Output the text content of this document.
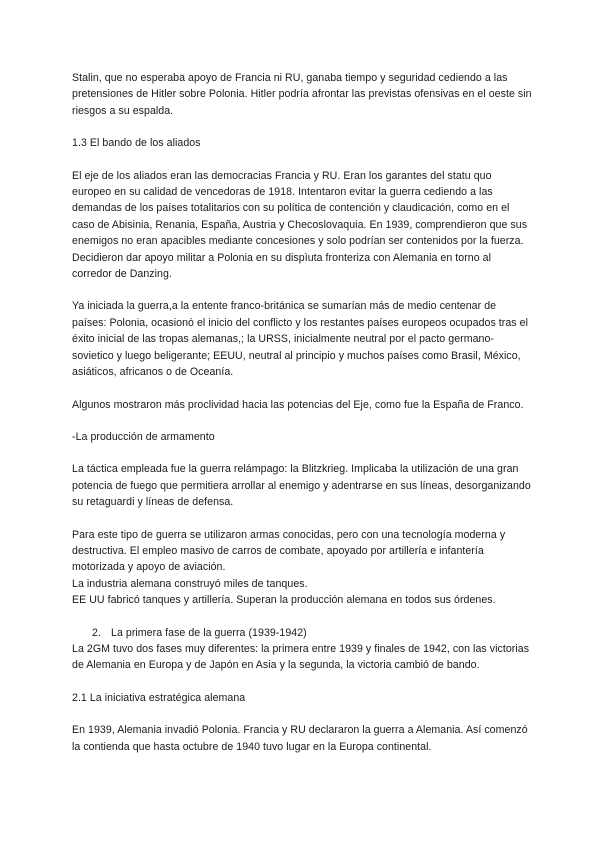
Stalin, que no esperaba apoyo de Francia ni RU, ganaba tiempo y seguridad cediendo a las pretensiones de Hitler sobre Polonia. Hitler podría afrontar las previstas ofensivas en el oeste sin riesgos a su espalda.

1.3 El bando de los aliados

El eje de los aliados eran las democracias Francia y RU. Eran los garantes del statu quo europeo en su calidad de vencedoras de 1918. Intentaron evitar la guerra cediendo a las demandas de los países totalitarios con su política de contención y claudicación, como en el caso de Abisinia, Renania, España, Austria y Checoslovaquia. En 1939, comprendieron que sus enemigos no eran apacibles mediante concesiones y solo podrían ser contenidos por la fuerza.

Decidieron dar apoyo militar a Polonia en su dispìuta fronteriza con Alemania en torno al corredor de Danzing.

Ya iniciada la guerra,a la entente franco-británica se sumarían más de medio centenar de países: Polonia, ocasionó el inicio del conflicto y los restantes países europeos ocupados tras el éxito inicial de las tropas alemanas,; la URSS, inicialmente neutral por el pacto germano-sovietico y luego beligerante; EEUU, neutral al principio y muchos países como Brasil, México, asiáticos, africanos o de Oceanía.

Algunos mostraron más proclividad hacia las potencias del Eje, como fue la España de Franco.

-La producción de armamento

La táctica empleada fue la guerra relámpago: la Blitzkrieg. Implicaba la utilización de una gran potencia de fuego que permitiera arrollar al enemigo y adentrarse en sus líneas, desorganizando su retaguardi y líneas de defensa.

Para este tipo de guerra se utilizaron armas conocidas, pero con una tecnología moderna y destructiva. El empleo masivo de carros de combate, apoyado por artillería e infantería motorizada y apoyo de aviación.

La industria alemana construyó miles de tanques.

EE UU fabricó tanques y artillería. Superan la producción alemana en todos sus órdenes.

2. La primera fase de la guerra (1939-1942)

La 2GM tuvo dos fases muy diferentes: la primera entre 1939 y finales de 1942, con las victorias de Alemania en Europa y de Japón en Asia y la segunda, la victoria cambió de bando.

2.1 La iniciativa estratégica alemana

En 1939, Alemania invadió Polonia. Francia y RU declararon la guerra a Alemania. Así comenzó la contienda que hasta octubre de 1940 tuvo lugar en la Europa continental.
